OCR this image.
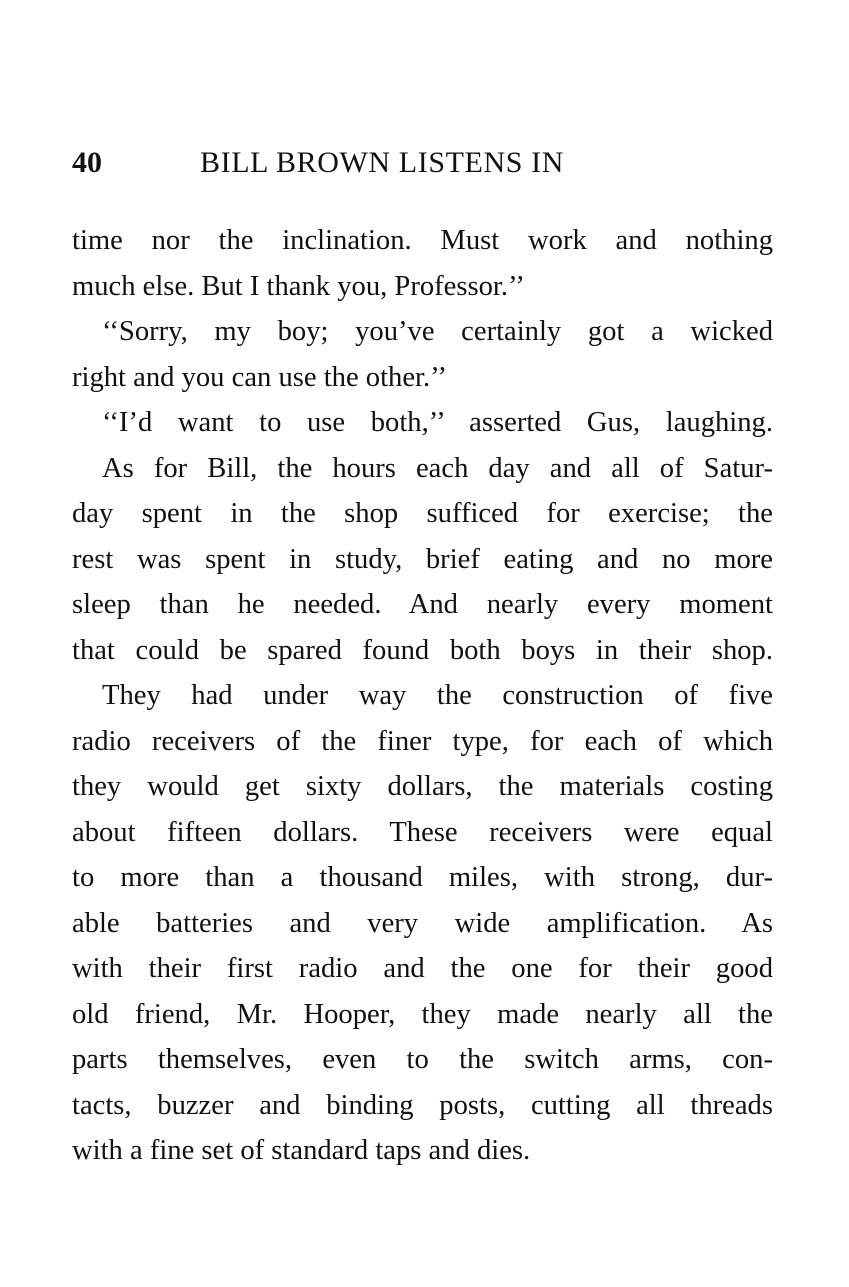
40	BILL BROWN LISTENS IN
time nor the inclination. Must work and nothing
much else. But I thank you, Professor.’’
‘‘Sorry, my boy; you’ve certainly got a wicked
right and you can use the other.’’
‘‘I’d want to use both,’’ asserted Gus, laughing.
As for Bill, the hours each day and all of Satur-
day spent in the shop sufficed for exercise; the
rest was spent in study, brief eating and no more
sleep than he needed. And nearly every moment
that could be spared found both boys in their shop.
They had under way the construction of five
radio receivers of the finer type, for each of which
they would get sixty dollars, the materials costing
about fifteen dollars. These receivers were equal
to more than a thousand miles, with strong, dur-
able batteries and very wide amplification. As
with their first radio and the one for their good
old friend, Mr. Hooper, they made nearly all the
parts themselves, even to the switch arms, con-
tacts, buzzer and binding posts, cutting all threads
with a fine set of standard taps and dies.
